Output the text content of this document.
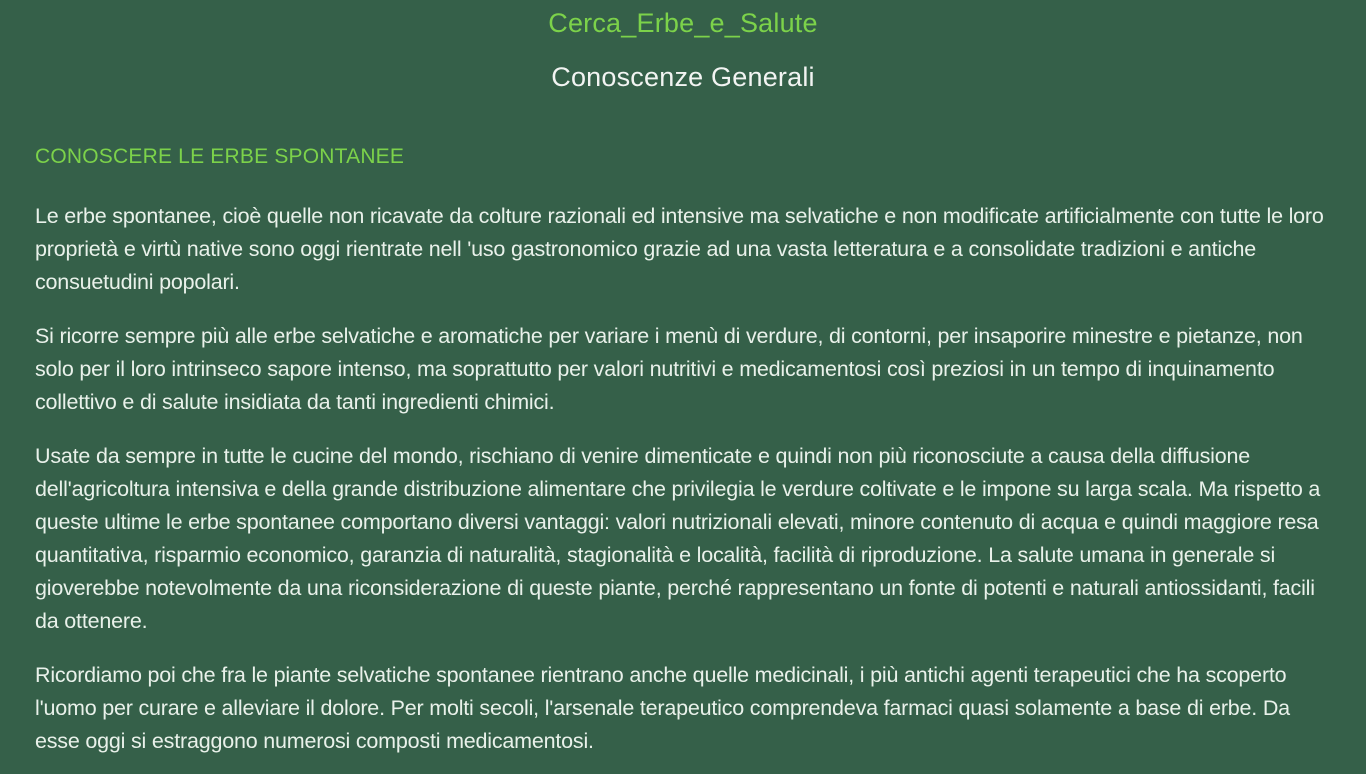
Cerca_Erbe_e_Salute
Conoscenze Generali
CONOSCERE LE ERBE SPONTANEE

Le erbe spontanee, cioè quelle non ricavate da colture razionali ed intensive ma selvatiche e non modificate artificialmente con tutte le loro proprietà e virtù native sono oggi rientrate nell 'uso gastronomico grazie ad una vasta letteratura e a consolidate tradizioni e antiche consuetudini popolari.

Si ricorre sempre più alle erbe selvatiche e aromatiche per variare i menù di verdure, di contorni, per insaporire minestre e pietanze, non solo per il loro intrinseco sapore intenso, ma soprattutto per valori nutritivi e medicamentosi così preziosi in un tempo di inquinamento collettivo e di salute insidiata da tanti ingredienti chimici.

Usate da sempre in tutte le cucine del mondo, rischiano di venire dimenticate e quindi non più riconosciute a causa della diffusione dell'agricoltura intensiva e della grande distribuzione alimentare che privilegia le verdure coltivate e le impone su larga scala. Ma rispetto a queste ultime le erbe spontanee comportano diversi vantaggi: valori nutrizionali elevati, minore contenuto di acqua e quindi maggiore resa quantitativa, risparmio economico, garanzia di naturalità, stagionalità e località, facilità di riproduzione. La salute umana in generale si gioverebbe notevolmente da una riconsiderazione di queste piante, perché rappresentano un fonte di potenti e naturali antiossidanti, facili da ottenere.

Ricordiamo poi che fra le piante selvatiche spontanee rientrano anche quelle medicinali, i più antichi agenti terapeutici che ha scoperto l'uomo per curare e alleviare il dolore. Per molti secoli, l'arsenale terapeutico comprendeva farmaci quasi solamente a base di erbe. Da esse oggi si estraggono numerosi composti medicamentosi.
